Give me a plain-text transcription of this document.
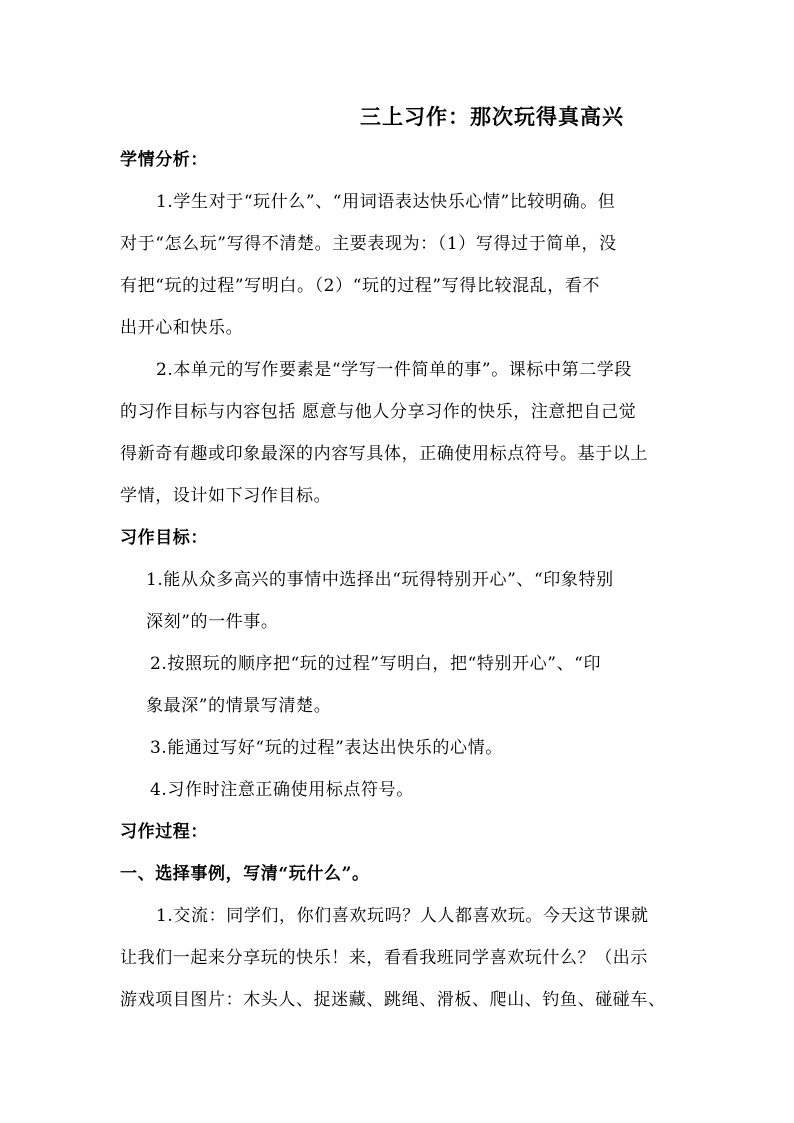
三上习作：那次玩得真高兴
学情分析：
1.学生对于“玩什么”、“用词语表达快乐心情”比较明确。但
对于“怎么玩”写得不清楚。主要表现为：（1）写得过于简单，没
有把“玩的过程”写明白。（2）“玩的过程”写得比较混乱，看不
出开心和快乐。
2.本单元的写作要素是“学写一件简单的事”。课标中第二学段
的习作目标与内容包括 愿意与他人分享习作的快乐，注意把自己觉
得新奇有趣或印象最深的内容写具体，正确使用标点符号。基于以上
学情，设计如下习作目标。
习作目标：
1.能从众多高兴的事情中选择出“玩得特别开心”、“印象特别
深刻”的一件事。
2.按照玩的顺序把“玩的过程”写明白，把“特别开心”、“印
象最深”的情景写清楚。
3.能通过写好“玩的过程”表达出快乐的心情。
4.习作时注意正确使用标点符号。
习作过程：
一、选择事例，写清“玩什么”。
1.交流：同学们，你们喜欢玩吗？人人都喜欢玩。今天这节课就
让我们一起来分享玩的快乐！来，看看我班同学喜欢玩什么？（出示
游戏项目图片：木头人、捉迷藏、跳绳、滑板、爬山、钓鱼、碰碰车、
